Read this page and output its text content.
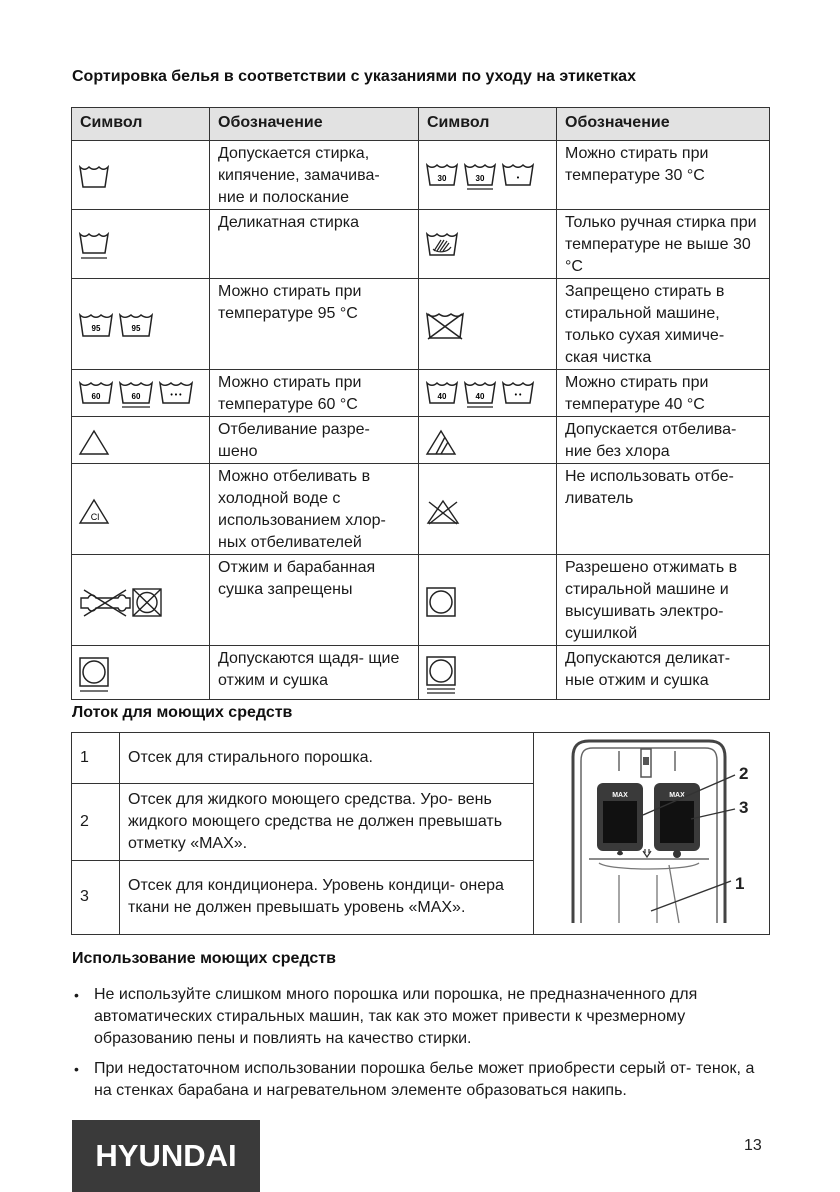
Сортировка белья в соответствии с указаниями по уходу на этикетках
Символ	Обозначение	Символ	Обозначение

	Допускается стирка, кипячение, замачива- ние и полоскание	30 30 •	Можно стирать при температуре 30 °C

	Деликатная стирка		Только ручная стирка при температуре не выше 30 °C

95 95	Можно стирать при температуре 95 °C		Запрещено стирать в стиральной машине, только сухая химиче- ская чистка

60 60 • • •	Можно стирать при температуре 60 °C	40 40 • •	Можно стирать при температуре 40 °C

	Отбеливание разре- шено		Допускается отбелива- ние без хлора

Cl	Можно отбеливать в холодной воде с использованием хлор- ных отбеливателей		Не использовать отбе- ливатель

	Отжим и барабанная сушка запрещены		Разрешено отжимать в стиральной машине и высушивать электро- сушилкой

	Допускаются щадя- щие отжим и сушка		Допускаются деликат- ные отжим и сушка
Лоток для моющих средств
1	Отсек для стирального порошка.	MAX MAX
2
3
1

2	Отсек для жидкого моющего средства. Уро- вень жидкого моющего средства не должен превышать отметку «MAX».	
3	Отсек для кондиционера. Уровень кондици- онера ткани не должен превышать уровень «MAX».	
Использование моющих средств
• Не используйте слишком много порошка или порошка, не предназначенного для автоматических стиральных машин, так как это может привести к чрезмерному образованию пены и повлиять на качество стирки.
• При недостаточном использовании порошка белье может приобрести серый от- тенок, а на стенках барабана и нагревательном элементе образоваться накипь.
HYUNDAI	13
